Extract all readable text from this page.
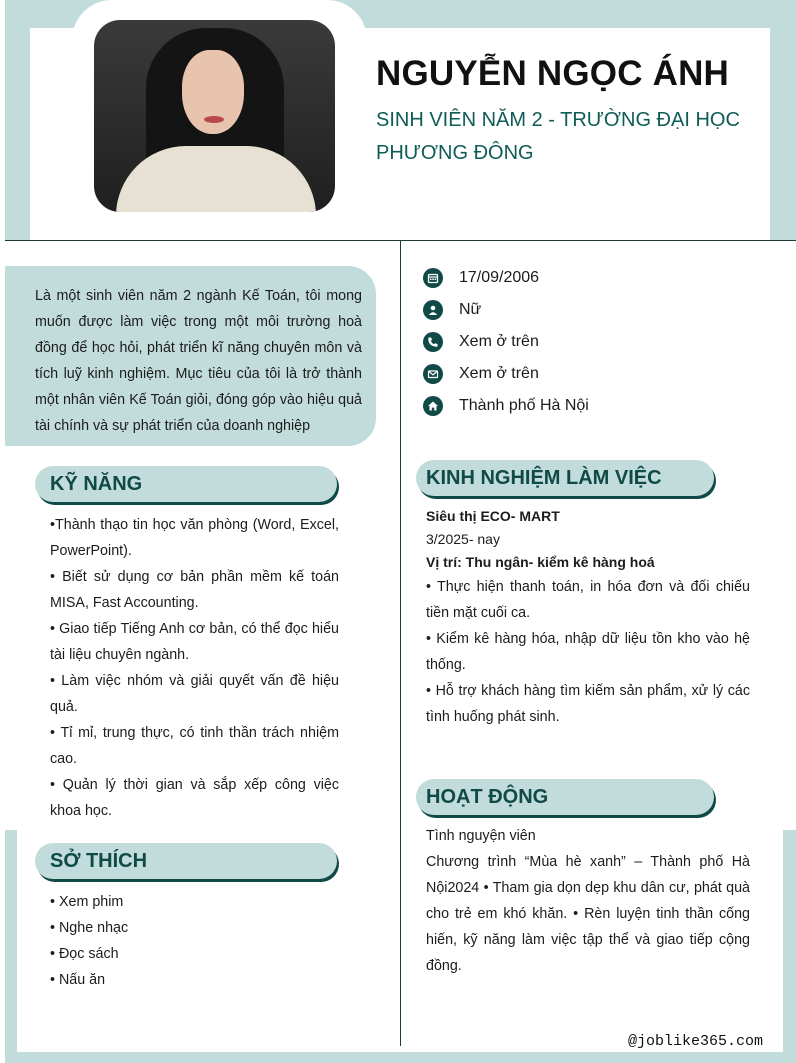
NGUYỄN NGỌC ÁNH
SINH VIÊN NĂM 2 - TRƯỜNG ĐẠI HỌC PHƯƠNG ĐÔNG

Là một sinh viên năm 2 ngành Kế Toán, tôi mong muốn được làm việc trong một môi trường hoà đồng để học hỏi, phát triển kĩ năng chuyên môn và tích luỹ kinh nghiệm. Mục tiêu của tôi là trở thành một nhân viên Kế Toán giỏi, đóng góp vào hiệu quả tài chính và sự phát triển của doanh nghiệp

17/09/2006
Nữ
Xem ở trên
Xem ở trên
Thành phố Hà Nội
KỸ NĂNG

•Thành thạo tin học văn phòng (Word, Excel, PowerPoint).

• Biết sử dụng cơ bản phần mềm kế toán MISA, Fast Accounting.

• Giao tiếp Tiếng Anh cơ bản, có thể đọc hiểu tài liệu chuyên ngành.

• Làm việc nhóm và giải quyết vấn đề hiệu quả.

• Tỉ mỉ, trung thực, có tinh thần trách nhiệm cao.

• Quản lý thời gian và sắp xếp công việc khoa học.

SỞ THÍCH

• Xem phim

• Nghe nhạc

• Đọc sách

• Nấu ăn

KINH NGHIỆM LÀM VIỆC
Siêu thị ECO- MART
3/2025- nay
Vị trí: Thu ngân- kiểm kê hàng hoá

• Thực hiện thanh toán, in hóa đơn và đối chiếu tiền mặt cuối ca.

• Kiểm kê hàng hóa, nhập dữ liệu tồn kho vào hệ thống.

• Hỗ trợ khách hàng tìm kiếm sản phẩm, xử lý các tình huống phát sinh.

HOẠT ĐỘNG

Tình nguyện viên

Chương trình “Mùa hè xanh” – Thành phố Hà Nội2024 • Tham gia dọn dẹp khu dân cư, phát quà cho trẻ em khó khăn. • Rèn luyện tinh thần cống hiến, kỹ năng làm việc tập thể và giao tiếp cộng đồng.

@joblike365.com
